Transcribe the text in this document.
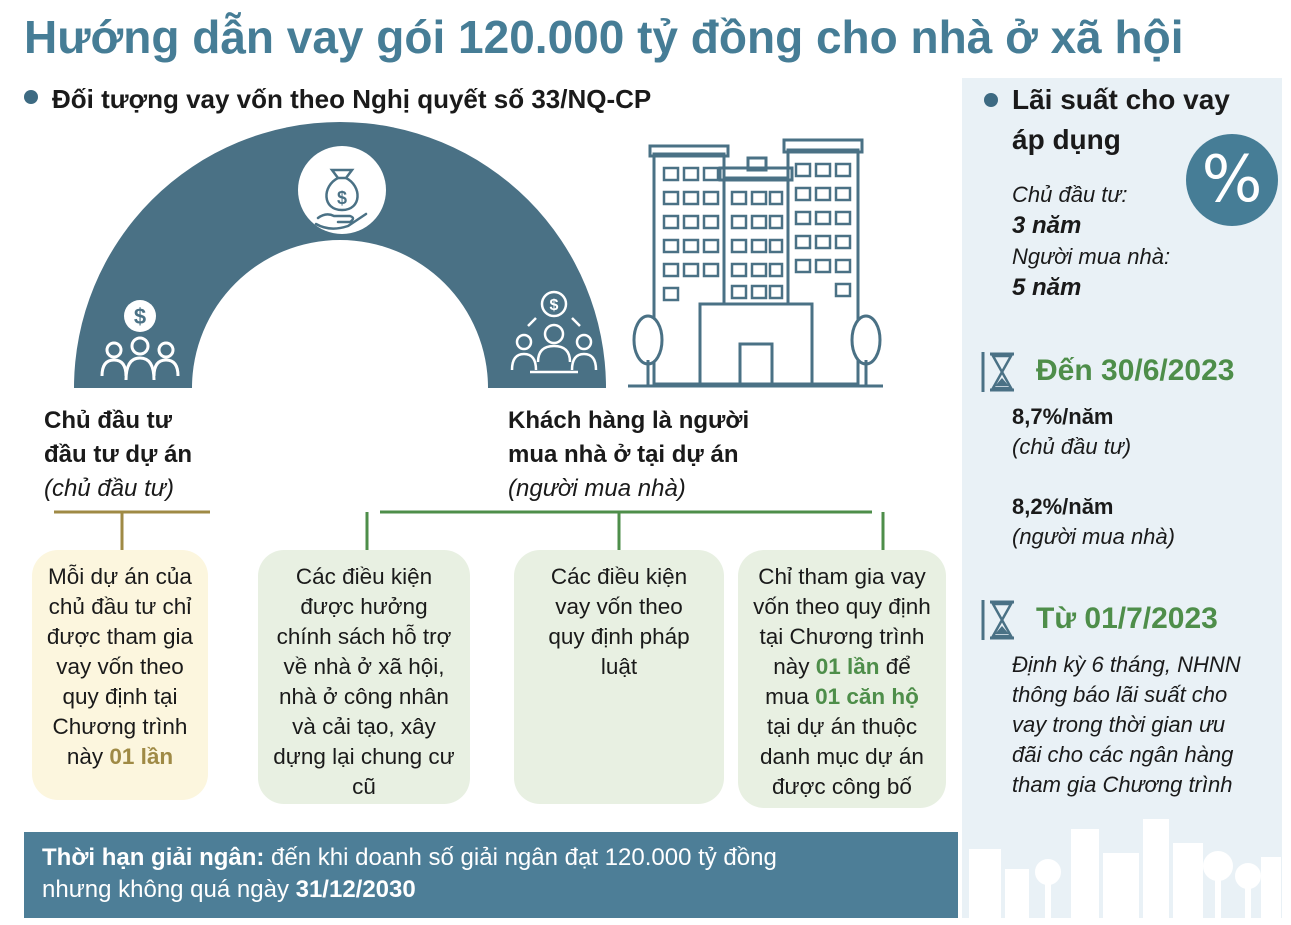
Hướng dẫn vay gói 120.000 tỷ đồng cho nhà ở xã hội
Đối tượng vay vốn theo Nghị quyết số 33/NQ-CP
$
$	$
Chủ đầu tư
đầu tư dự án
(chủ đầu tư)
Khách hàng là người
mua nhà ở tại dự án
(người mua nhà)
Mỗi dự án của
chủ đầu tư chỉ
được tham gia
vay vốn theo
quy định tại
Chương trình
này 01 lần
Các điều kiện
được hưởng
chính sách hỗ trợ
về nhà ở xã hội,
nhà ở công nhân
và cải tạo, xây
dựng lại chung cư
cũ
Các điều kiện
vay vốn theo
quy định pháp
luật
Chỉ tham gia vay
vốn theo quy định
tại Chương trình
này 01 lần để
mua 01 căn hộ
tại dự án thuộc
danh mục dự án
được công bố
Thời hạn giải ngân: đến khi doanh số giải ngân đạt 120.000 tỷ đồng
nhưng không quá ngày 31/12/2030
Lãi suất cho vay
áp dụng
%
Chủ đầu tư:
3 năm
Người mua nhà:
5 năm
Đến 30/6/2023
8,7%/năm
(chủ đầu tư)
8,2%/năm
(người mua nhà)
Từ 01/7/2023
Định kỳ 6 tháng, NHNN
thông báo lãi suất cho
vay trong thời gian ưu
đãi cho các ngân hàng
tham gia Chương trình
